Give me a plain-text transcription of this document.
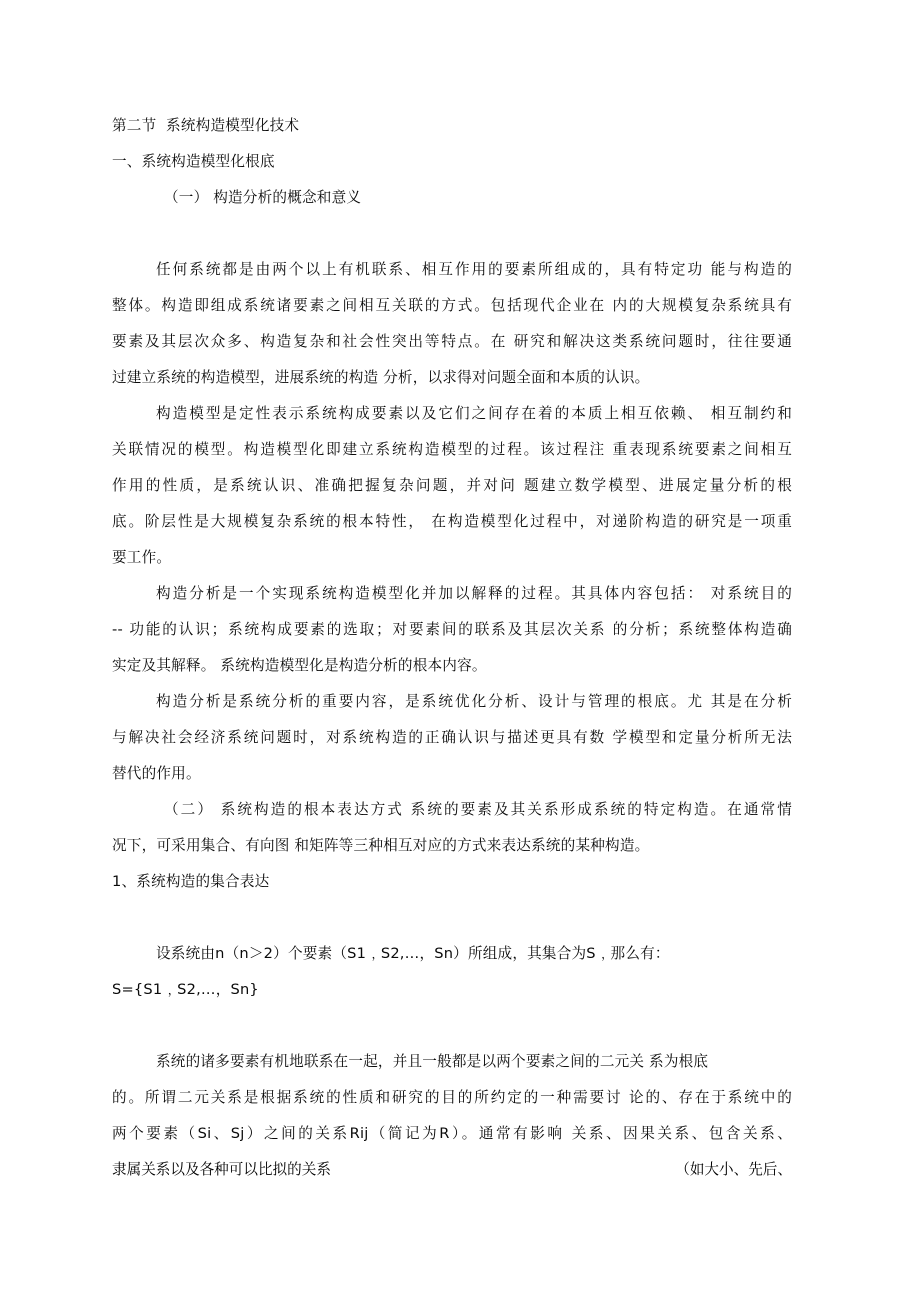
第二节  系统构造模型化技术
一、系统构造模型化根底
（一） 构造分析的概念和意义
任何系统都是由两个以上有机联系、相互作用的要素所组成的，具有特定功 能与构造的
整体。构造即组成系统诸要素之间相互关联的方式。包括现代企业在 内的大规模复杂系统具有
要素及其层次众多、构造复杂和社会性突出等特点。在 研究和解决这类系统问题时，往往要通
过建立系统的构造模型，进展系统的构造 分析，以求得对问题全面和本质的认识。
构造模型是定性表示系统构成要素以及它们之间存在着的本质上相互依赖、 相互制约和
关联情况的模型。构造模型化即建立系统构造模型的过程。该过程注 重表现系统要素之间相互
作用的性质，是系统认识、准确把握复杂问题，并对问 题建立数学模型、进展定量分析的根
底。阶层性是大规模复杂系统的根本特性， 在构造模型化过程中，对递阶构造的研究是一项重
要工作。
构造分析是一个实现系统构造模型化并加以解释的过程。其具体内容包括： 对系统目的
-- 功能的认识；系统构成要素的选取；对要素间的联系及其层次关系 的分析；系统整体构造确
实定及其解释。 系统构造模型化是构造分析的根本内容。
构造分析是系统分析的重要内容，是系统优化分析、设计与管理的根底。尤 其是在分析
与解决社会经济系统问题时，对系统构造的正确认识与描述更具有数 学模型和定量分析所无法
替代的作用。
（二） 系统构造的根本表达方式 系统的要素及其关系形成系统的特定构造。在通常情
况下，可采用集合、有向图 和矩阵等三种相互对应的方式来表达系统的某种构造。
1、系统构造的集合表达
设系统由n（n＞2）个要素（S1﹐S2,…，Sn）所组成，其集合为S﹐那么有：
S={S1﹐S2,…，Sn}
系统的诸多要素有机地联系在一起，并且一般都是以两个要素之间的二元关 系为根底
的。所谓二元关系是根据系统的性质和研究的目的所约定的一种需要讨 论的、存在于系统中的
两个要素（Si、Sj）之间的关系Rij（简记为R）。通常有影响 关系、因果关系、包含关系、
隶属关系以及各种可以比拟的关系	（如大小、先后、
